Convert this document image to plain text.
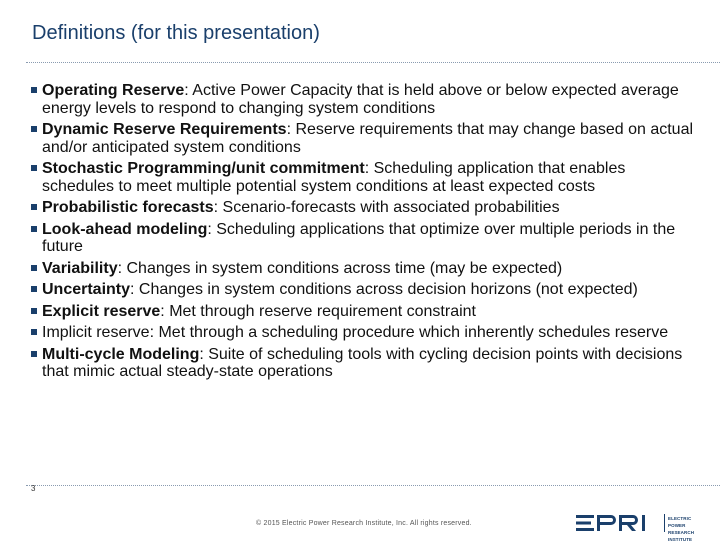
Definitions (for this presentation)
Operating Reserve: Active Power Capacity that is held above or below expected average energy levels to respond to changing system conditions
Dynamic Reserve Requirements: Reserve requirements that may change based on actual and/or anticipated system conditions
Stochastic Programming/unit commitment: Scheduling application that enables schedules to meet multiple potential system conditions at least expected costs
Probabilistic forecasts: Scenario-forecasts with associated probabilities
Look-ahead modeling: Scheduling applications that optimize over multiple periods in the future
Variability: Changes in system conditions across time (may be expected)
Uncertainty: Changes in system conditions across decision horizons (not expected)
Explicit reserve: Met through reserve requirement constraint
Implicit reserve: Met through a scheduling procedure which inherently schedules reserve
Multi-cycle Modeling: Suite of scheduling tools with cycling decision points with decisions that mimic actual steady-state operations
3
© 2015 Electric Power Research Institute, Inc. All rights reserved.
ELECTRIC POWER RESEARCH INSTITUTE
